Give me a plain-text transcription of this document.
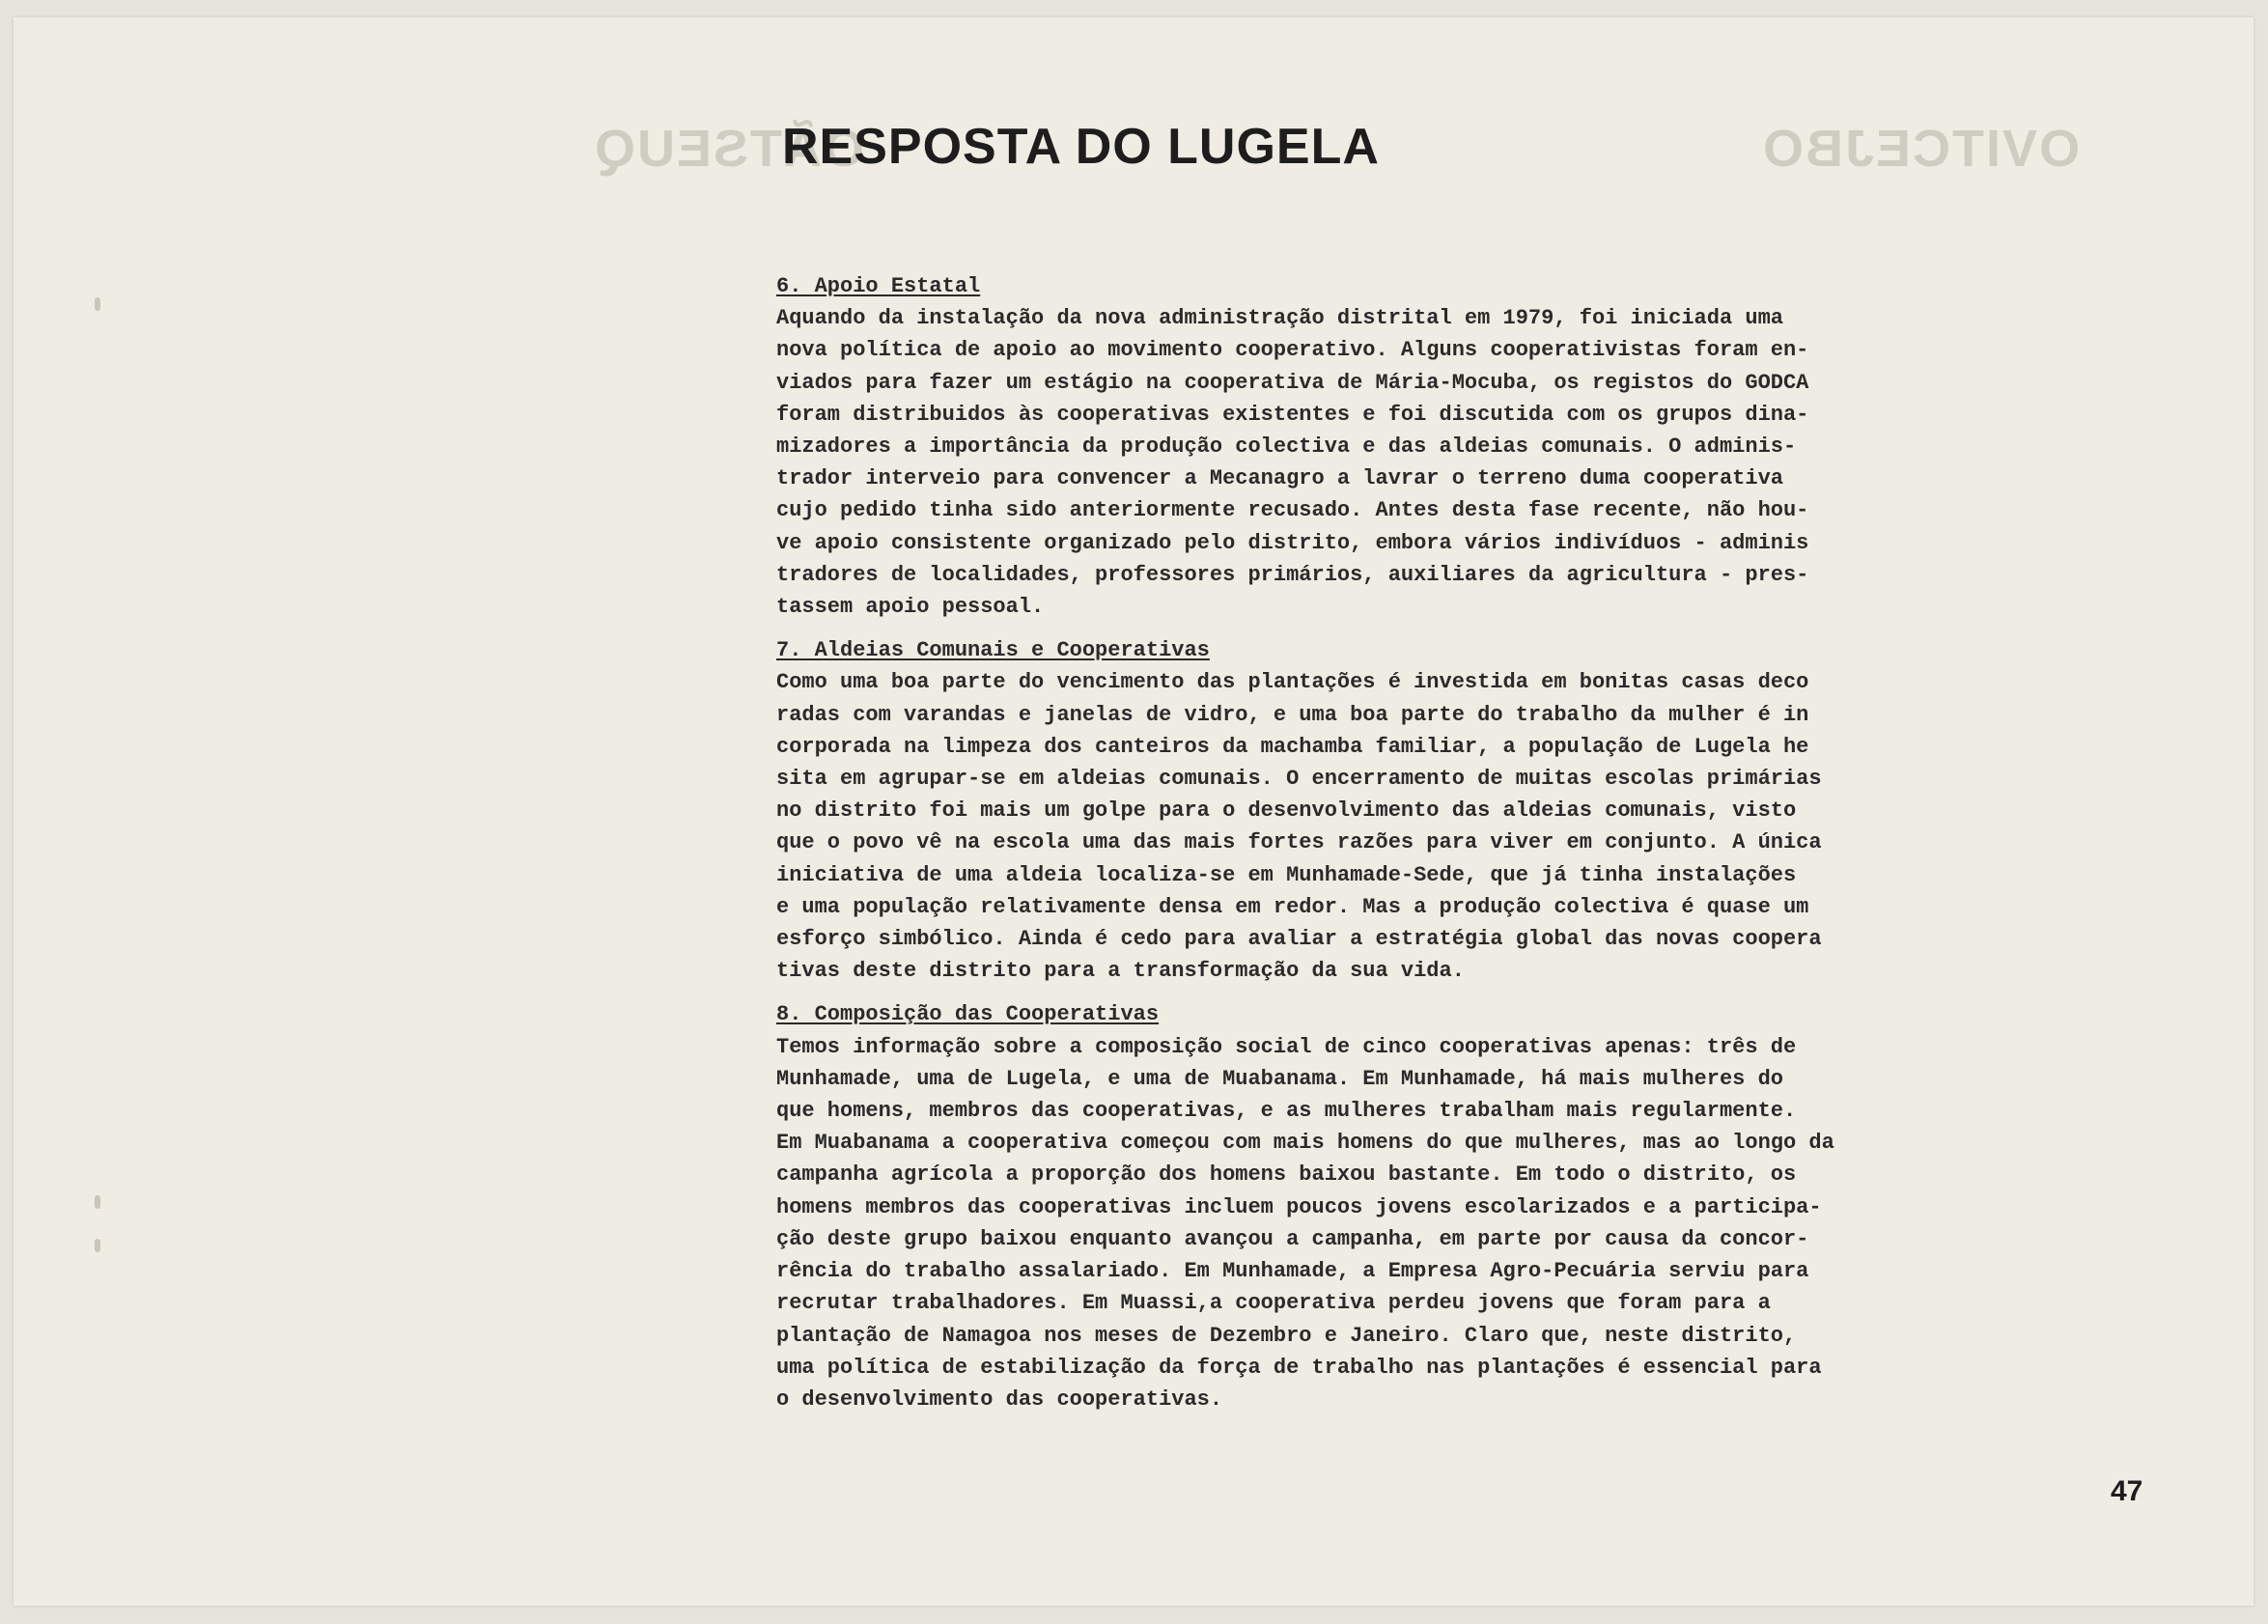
OÃTSEUQ	OVITCEJBO
RESPOSTA DO LUGELA
6. Apoio Estatal
Aquando da instalação da nova administração distrital em 1979, foi iniciada uma
nova política de apoio ao movimento cooperativo. Alguns cooperativistas foram en-
viados para fazer um estágio na cooperativa de Mária-Mocuba, os registos do GODCA
foram distribuidos às cooperativas existentes e foi discutida com os grupos dina-
mizadores a importância da produção colectiva e das aldeias comunais. O adminis-
trador interveio para convencer a Mecanagro a lavrar o terreno duma cooperativa
cujo pedido tinha sido anteriormente recusado. Antes desta fase recente, não hou-
ve apoio consistente organizado pelo distrito, embora vários indivíduos - adminis
tradores de localidades, professores primários, auxiliares da agricultura - pres-
tassem apoio pessoal.
7. Aldeias Comunais e Cooperativas
Como uma boa parte do vencimento das plantações é investida em bonitas casas deco
radas com varandas e janelas de vidro, e uma boa parte do trabalho da mulher é in
corporada na limpeza dos canteiros da machamba familiar, a população de Lugela he
sita em agrupar-se em aldeias comunais. O encerramento de muitas escolas primárias
no distrito foi mais um golpe para o desenvolvimento das aldeias comunais, visto
que o povo vê na escola uma das mais fortes razões para viver em conjunto. A única
iniciativa de uma aldeia localiza-se em Munhamade-Sede, que já tinha instalações
e uma população relativamente densa em redor. Mas a produção colectiva é quase um
esforço simbólico. Ainda é cedo para avaliar a estratégia global das novas coopera
tivas deste distrito para a transformação da sua vida.
8. Composição das Cooperativas
Temos informação sobre a composição social de cinco cooperativas apenas: três de
Munhamade, uma de Lugela, e uma de Muabanama. Em Munhamade, há mais mulheres do
que homens, membros das cooperativas, e as mulheres trabalham mais regularmente.
Em Muabanama a cooperativa começou com mais homens do que mulheres, mas ao longo da
campanha agrícola a proporção dos homens baixou bastante. Em todo o distrito, os
homens membros das cooperativas incluem poucos jovens escolarizados e a participa-
ção deste grupo baixou enquanto avançou a campanha, em parte por causa da concor-
rência do trabalho assalariado. Em Munhamade, a Empresa Agro-Pecuária serviu para
recrutar trabalhadores. Em Muassi,a cooperativa perdeu jovens que foram para a
plantação de Namagoa nos meses de Dezembro e Janeiro. Claro que, neste distrito,
uma política de estabilização da força de trabalho nas plantações é essencial para
o desenvolvimento das cooperativas.
47
